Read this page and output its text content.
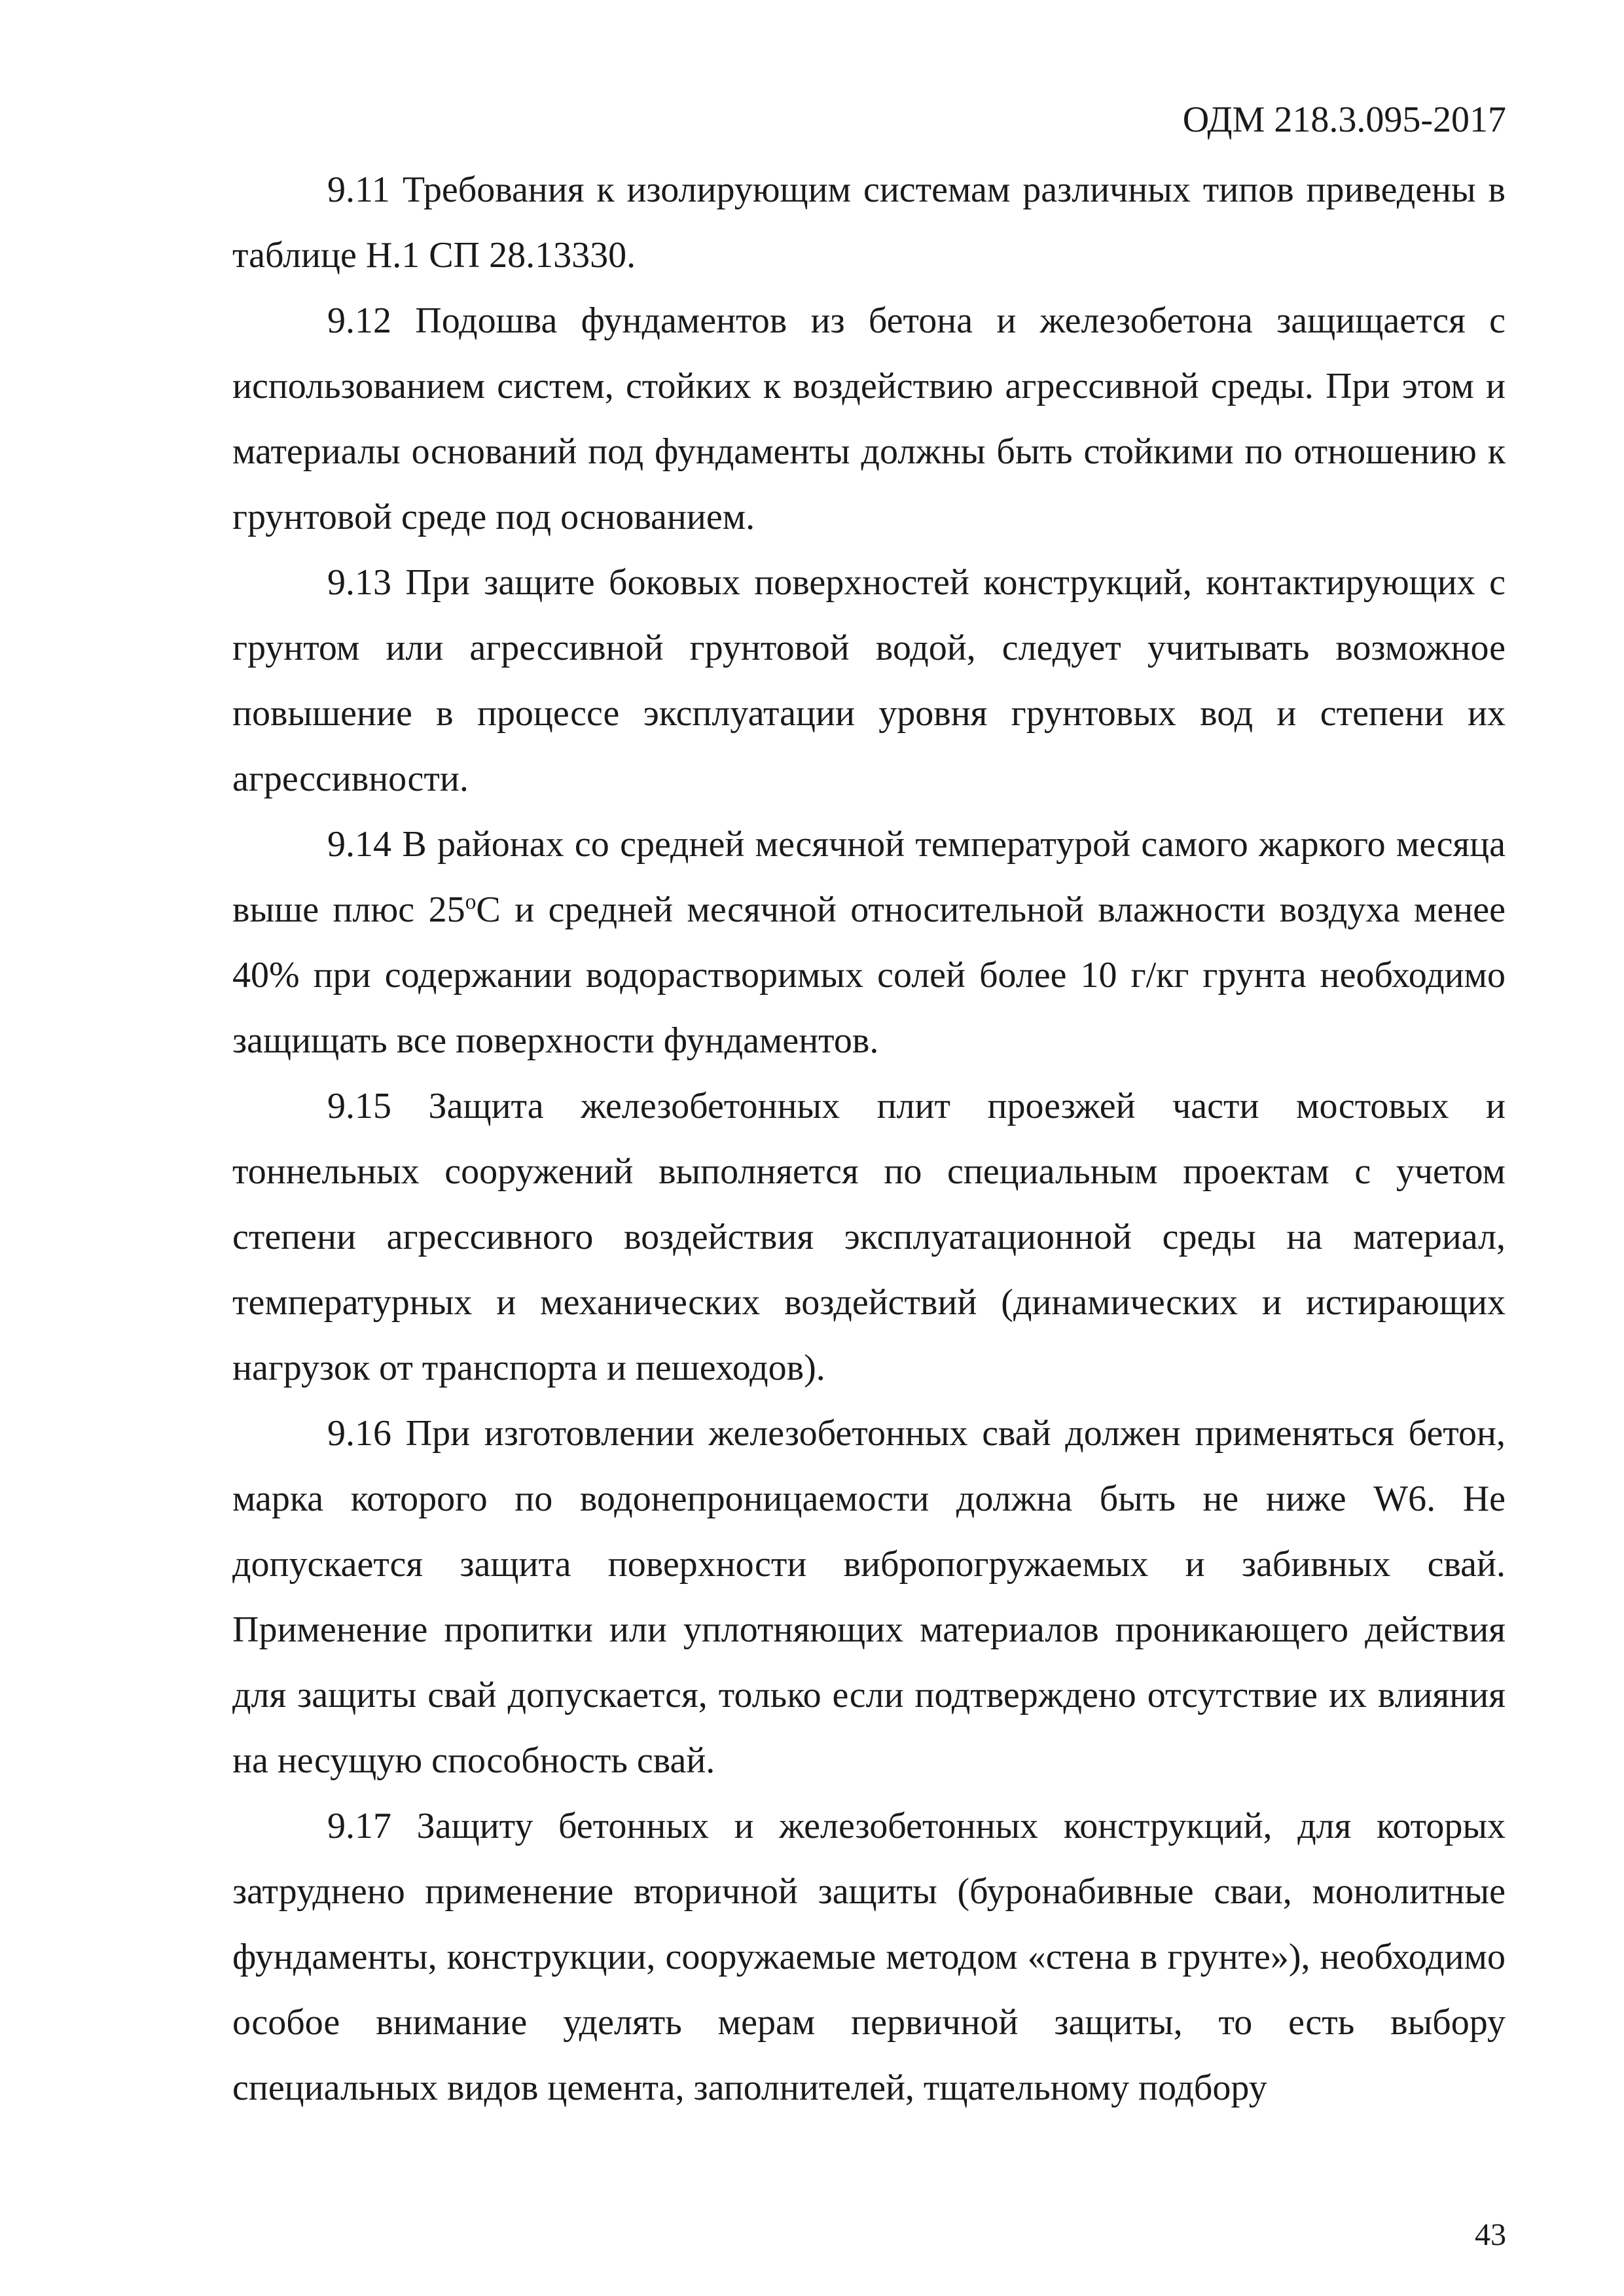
ОДМ 218.3.095-2017

9.11 Требования к изолирующим системам различных типов приведены в таблице Н.1 СП 28.13330.

9.12 Подошва фундаментов из бетона и железобетона защищается с использованием систем, стойких к воздействию агрессивной среды. При этом и материалы оснований под фундаменты должны быть стойкими по отношению к грунтовой среде под основанием.

9.13 При защите боковых поверхностей конструкций, контактирующих с грунтом или агрессивной грунтовой водой, следует учитывать возможное повышение в процессе эксплуатации уровня грунтовых вод и степени их агрессивности.

9.14 В районах со средней месячной температурой самого жаркого месяца выше плюс $25^оС$ и средней месячной относительной влажности воздуха менее 40% при содержании водорастворимых солей более 10 г/кг грунта необходимо защищать все поверхности фундаментов.

9.15 Защита железобетонных плит проезжей части мостовых и тоннельных сооружений выполняется по специальным проектам с учетом степени агрессивного воздействия эксплуатационной среды на материал, температурных и механических воздействий (динамических и истирающих нагрузок от транспорта и пешеходов).

9.16 При изготовлении железобетонных свай должен применяться бетон, марка которого по водонепроницаемости должна быть не ниже W6. Не допускается защита поверхности вибропогружаемых и забивных свай. Применение пропитки или уплотняющих материалов проникающего действия для защиты свай допускается, только если подтверждено отсутствие их влияния на несущую способность свай.

9.17 Защиту бетонных и железобетонных конструкций, для которых затруднено применение вторичной защиты (буронабивные сваи, монолитные фундаменты, конструкции, сооружаемые методом «стена в грунте»), необходимо особое внимание уделять мерам первичной защиты, то есть выбору специальных видов цемента, заполнителей, тщательному подбору

43
